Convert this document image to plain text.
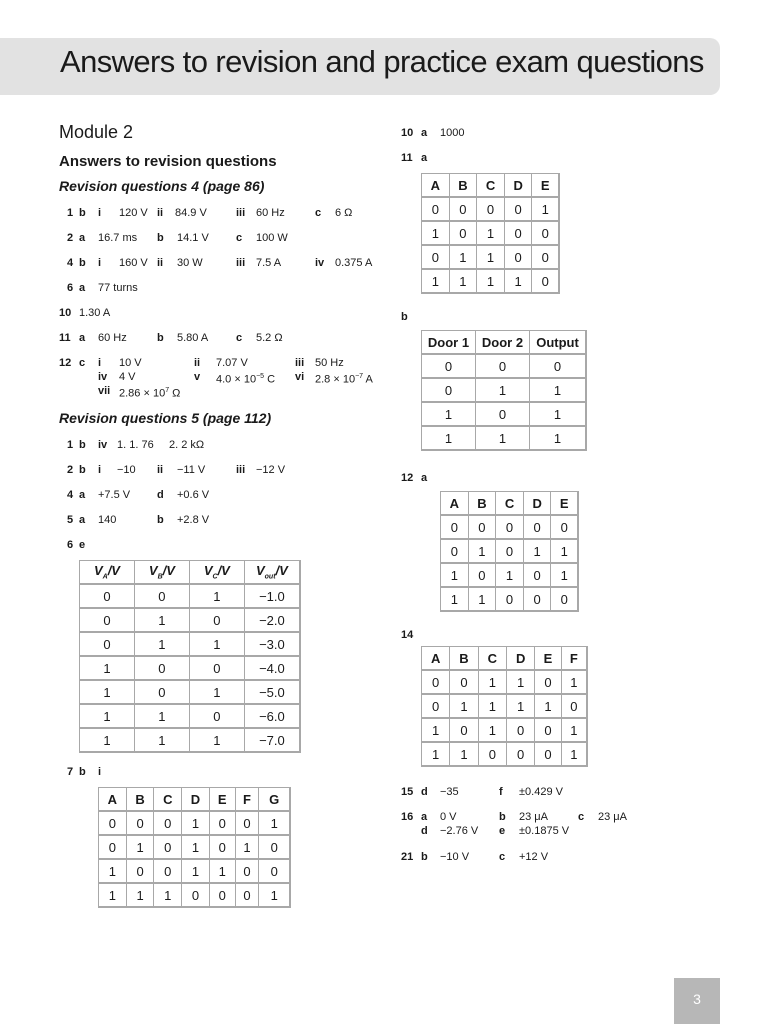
Answers to revision and practice exam questions
Module 2
Answers to revision questions
Revision questions 4 (page 86)
1 b i 120 V ii 84.9 V	iii 60 Hz	c 6 Ω
2 a 16.7 ms b 14.1 V c 100 W
4 b i 160 V ii 30 W	iii 7.5 A	iv 0.375 A
6 a 77 turns
10 1.30 A
11 a 60 Hz	b 5.80 A	c 5.2 Ω
12 c i 10 V	ii 7.07 V	iii 50 Hz
iv 4 V	v $4.0 \times 10^{-5}$ C vi $2.8 \times 10^{-7}$ A
vii $2.86 \times 10^7$ Ω
Revision questions 5 (page 112)
1 b iv 1. 1. 76 2. 2 kΩ
2 b i −10 ii −11 V	iii −12 V
4 a +7.5 V d +0.6 V
5 a 140	b +2.8 V
6 e
$V_A/V$	$V_B/V$	$V_C/V$	$V_{out}/V$
0	0	1	−1.0
0	1	0	−2.0
0	1	1	−3.0
1	0	0	−4.0
1	0	1	−5.0
1	1	0	−6.0
1	1	1	−7.0
7 b i
A	B	C	D	E	F	G
0	0	0	1	0	0	1
0	1	0	1	0	1	0
1	0	0	1	1	0	0
1	1	1	0	0	0	1
10 a 1000
11 a
A	B	C	D	E
0	0	0	0	1
1	0	1	0	0
0	1	1	0	0
1	1	1	1	0
b
Door 1	Door 2	Output
0	0	0
0	1	1
1	0	1
1	1	1
12 a
A	B	C	D	E
0	0	0	0	0
0	1	0	1	1
1	0	1	0	1
1	1	0	0	0
14
A	B	C	D	E	F
0	0	1	1	0	1
0	1	1	1	1	0
1	0	1	0	0	1
1	1	0	0	0	1
15 d −35	f ±0.429 V
16 a 0 V	b 23 μA	c 23 μA
d −2.76 V e ±0.1875 V
21 b −10 V	c +12 V
3
